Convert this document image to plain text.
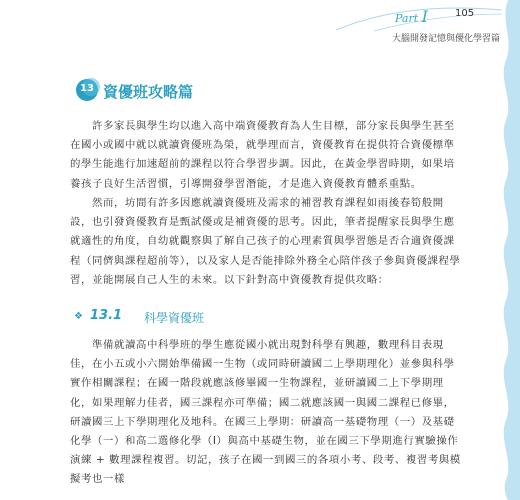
Part I	105
大腦開發記憶與優化學習篇
13 資優班攻略篇
許多家長與學生均以進入高中端資優教育為人生目標，部分家長與學生甚至在國小或國中就以就讀資優班為榮，就學理而言，資優教育在提供符合資優標準的學生能進行加速超前的課程以符合學習步調。因此，在黃金學習時期，如果培養孩子良好生活習慣，引導開發學習潛能，才是進入資優教育體系重點。
然而，坊間有許多因應就讀資優班及需求的補習教育課程如雨後春筍般開設，也引發資優教育是甄試優或是補資優的思考。因此，筆者提醒家長與學生應就適性的角度，自幼就觀察與了解自己孩子的心理素質與學習態是否合適資優課程（同儕與課程超前等），以及家人是否能排除外務全心陪伴孩子參與資優課程學習，並能開展自己人生的未來。以下針對高中資優教育提供攻略：
❖ 13.1 科學資優班
準備就讀高中科學班的學生應從國小就出現對科學有興趣，數理科目表現佳，在小五或小六開始準備國一生物（或同時研讀國二上學期理化）並參與科學實作相關課程；在國一階段就應該修畢國一生物課程，並研讀國二上下學期理化，如果理解力佳者，國三課程亦可準備；國二就應該國一與國二課程已修畢，研讀國三上下學期理化及地科。在國三上學期：研讀高一基礎物理（一）及基礎化學（一）和高二選修化學（I）與高中基礎生物，並在國三下學期進行實驗操作演練 + 數理課程複習。切記，孩子在國一到國三的各項小考、段考、複習考與模擬考也一樣
